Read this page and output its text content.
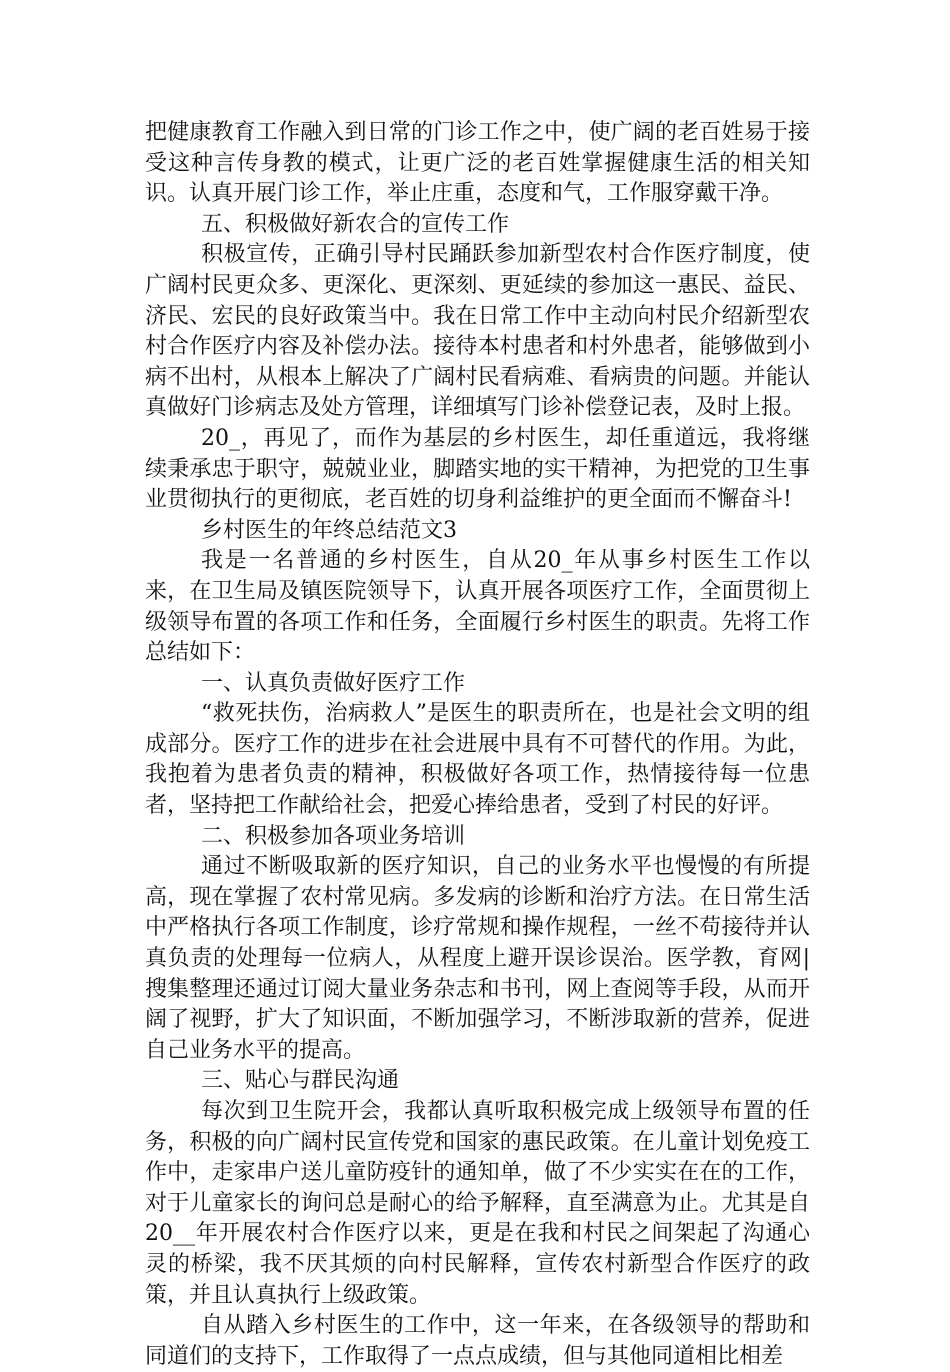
把健康教育工作融入到日常的门诊工作之中，使广阔的老百姓易于接受这种言传身教的模式，让更广泛的老百姓掌握健康生活的相关知识。认真开展门诊工作，举止庄重，态度和气，工作服穿戴干净。

五、积极做好新农合的宣传工作

积极宣传，正确引导村民踊跃参加新型农村合作医疗制度，使广阔村民更众多、更深化、更深刻、更延续的参加这一惠民、益民、济民、宏民的良好政策当中。我在日常工作中主动向村民介绍新型农村合作医疗内容及补偿办法。接待本村患者和村外患者，能够做到小病不出村，从根本上解决了广阔村民看病难、看病贵的问题。并能认真做好门诊病志及处方管理，详细填写门诊补偿登记表，及时上报。

20_，再见了，而作为基层的乡村医生，却任重道远，我将继续秉承忠于职守，兢兢业业，脚踏实地的实干精神，为把党的卫生事业贯彻执行的更彻底，老百姓的切身利益维护的更全面而不懈奋斗!

乡村医生的年终总结范文3

我是一名普通的乡村医生，自从20_年从事乡村医生工作以来，在卫生局及镇医院领导下，认真开展各项医疗工作，全面贯彻上级领导布置的各项工作和任务，全面履行乡村医生的职责。先将工作总结如下：

一、认真负责做好医疗工作

“救死扶伤，治病救人”是医生的职责所在，也是社会文明的组成部分。医疗工作的进步在社会进展中具有不可替代的作用。为此，我抱着为患者负责的精神，积极做好各项工作，热情接待每一位患者，坚持把工作献给社会，把爱心捧给患者，受到了村民的好评。

二、积极参加各项业务培训

通过不断吸取新的医疗知识，自己的业务水平也慢慢的有所提高，现在掌握了农村常见病。多发病的诊断和治疗方法。在日常生活中严格执行各项工作制度，诊疗常规和操作规程，一丝不苟接待并认真负责的处理每一位病人，从程度上避开误诊误治。医学教，育网|搜集整理还通过订阅大量业务杂志和书刊，网上查阅等手段，从而开阔了视野，扩大了知识面，不断加强学习，不断涉取新的营养，促进自己业务水平的提高。

三、贴心与群民沟通

每次到卫生院开会，我都认真听取积极完成上级领导布置的任务，积极的向广阔村民宣传党和国家的惠民政策。在儿童计划免疫工作中，走家串户送儿童防疫针的通知单，做了不少实实在在的工作，对于儿童家长的询问总是耐心的给予解释，直至满意为止。尤其是自20__年开展农村合作医疗以来，更是在我和村民之间架起了沟通心灵的桥梁，我不厌其烦的向村民解释，宣传农村新型合作医疗的政策，并且认真执行上级政策。

自从踏入乡村医生的工作中，这一年来，在各级领导的帮助和同道们的支持下，工作取得了一点点成绩，但与其他同道相比相差
